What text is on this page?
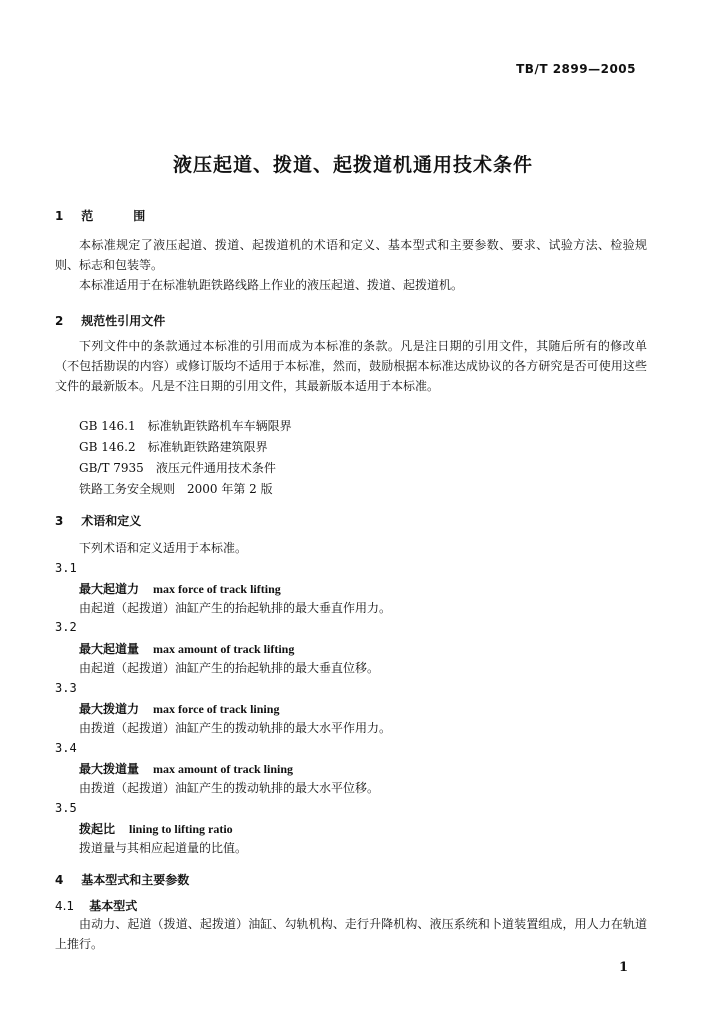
TB/T 2899—2005
液压起道、拨道、起拨道机通用技术条件
1 范　围

本标准规定了液压起道、拨道、起拨道机的术语和定义、基本型式和主要参数、要求、试验方法、检验规则、标志和包装等。

本标准适用于在标准轨距铁路线路上作业的液压起道、拨道、起拨道机。

2 规范性引用文件

下列文件中的条款通过本标准的引用而成为本标准的条款。凡是注日期的引用文件，其随后所有的修改单（不包括勘误的内容）或修订版均不适用于本标准，然而，鼓励根据本标准达成协议的各方研究是否可使用这些文件的最新版本。凡是不注日期的引用文件，其最新版本适用于本标准。

GB 146.1 标准轨距铁路机车车辆限界
GB 146.2 标准轨距铁路建筑限界
GB/T 7935 液压元件通用技术条件
铁路工务安全规则 2000 年第 2 版
3 术语和定义
下列术语和定义适用于本标准。
3.1
最大起道力 max force of track lifting
由起道（起拨道）油缸产生的抬起轨排的最大垂直作用力。
3.2
最大起道量 max amount of track lifting
由起道（起拨道）油缸产生的抬起轨排的最大垂直位移。
3.3
最大拨道力 max force of track lining
由拨道（起拨道）油缸产生的拨动轨排的最大水平作用力。
3.4
最大拨道量 max amount of track lining
由拨道（起拨道）油缸产生的拨动轨排的最大水平位移。
3.5
拨起比 lining to lifting ratio
拨道量与其相应起道量的比值。
4 基本型式和主要参数
4.1 基本型式

由动力、起道（拨道、起拨道）油缸、勾轨机构、走行升降机构、液压系统和卜道装置组成，用人力在轨道上推行。

1
